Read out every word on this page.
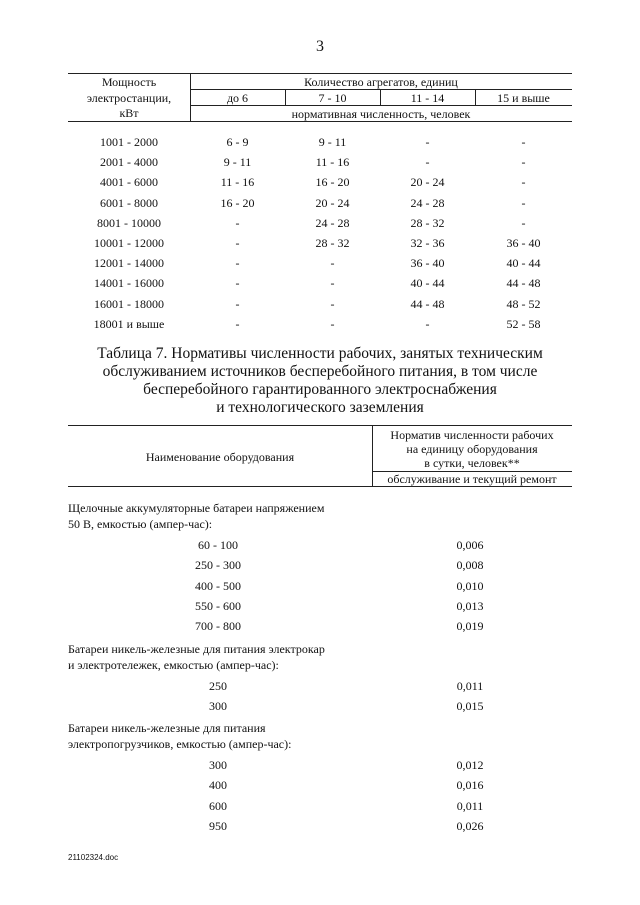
3
Мощность
электростанции,
кВт
Количество агрегатов, единиц
до 6	7 - 10	11 - 14	15 и выше
нормативная численность, человек
1001 - 2000	6 - 9	9 - 11	-	-
2001 - 4000	9 - 11	11 - 16	-	-
4001 - 6000	11 - 16	16 - 20	20 - 24	-
6001 - 8000	16 - 20	20 - 24	24 - 28	-
8001 - 10000	-	24 - 28	28 - 32	-
10001 - 12000	-	28 - 32	32 - 36	36 - 40
12001 - 14000	-	-	36 - 40	40 - 44
14001 - 16000	-	-	40 - 44	44 - 48
16001 - 18000	-	-	44 - 48	48 - 52
18001 и выше	-	-	-	52 - 58
Таблица 7. Нормативы численности рабочих, занятых техническим
обслуживанием источников бесперебойного питания, в том числе
бесперебойного гарантированного электроснабжения
и технологического заземления
Наименование оборудования
Норматив численности рабочих
на единицу оборудования
в сутки, человек**
обслуживание и текущий ремонт
Щелочные аккумуляторные батареи напряжением
50 В, емкостью (ампер-час):
60 - 100	0,006
250 - 300	0,008
400 - 500	0,010
550 - 600	0,013
700 - 800	0,019
Батареи никель-железные для питания электрокар
и электротележек, емкостью (ампер-час):
250	0,011
300	0,015
Батареи никель-железные для питания
электропогрузчиков, емкостью (ампер-час):
300	0,012
400	0,016
600	0,011
950	0,026
21102324.doc
